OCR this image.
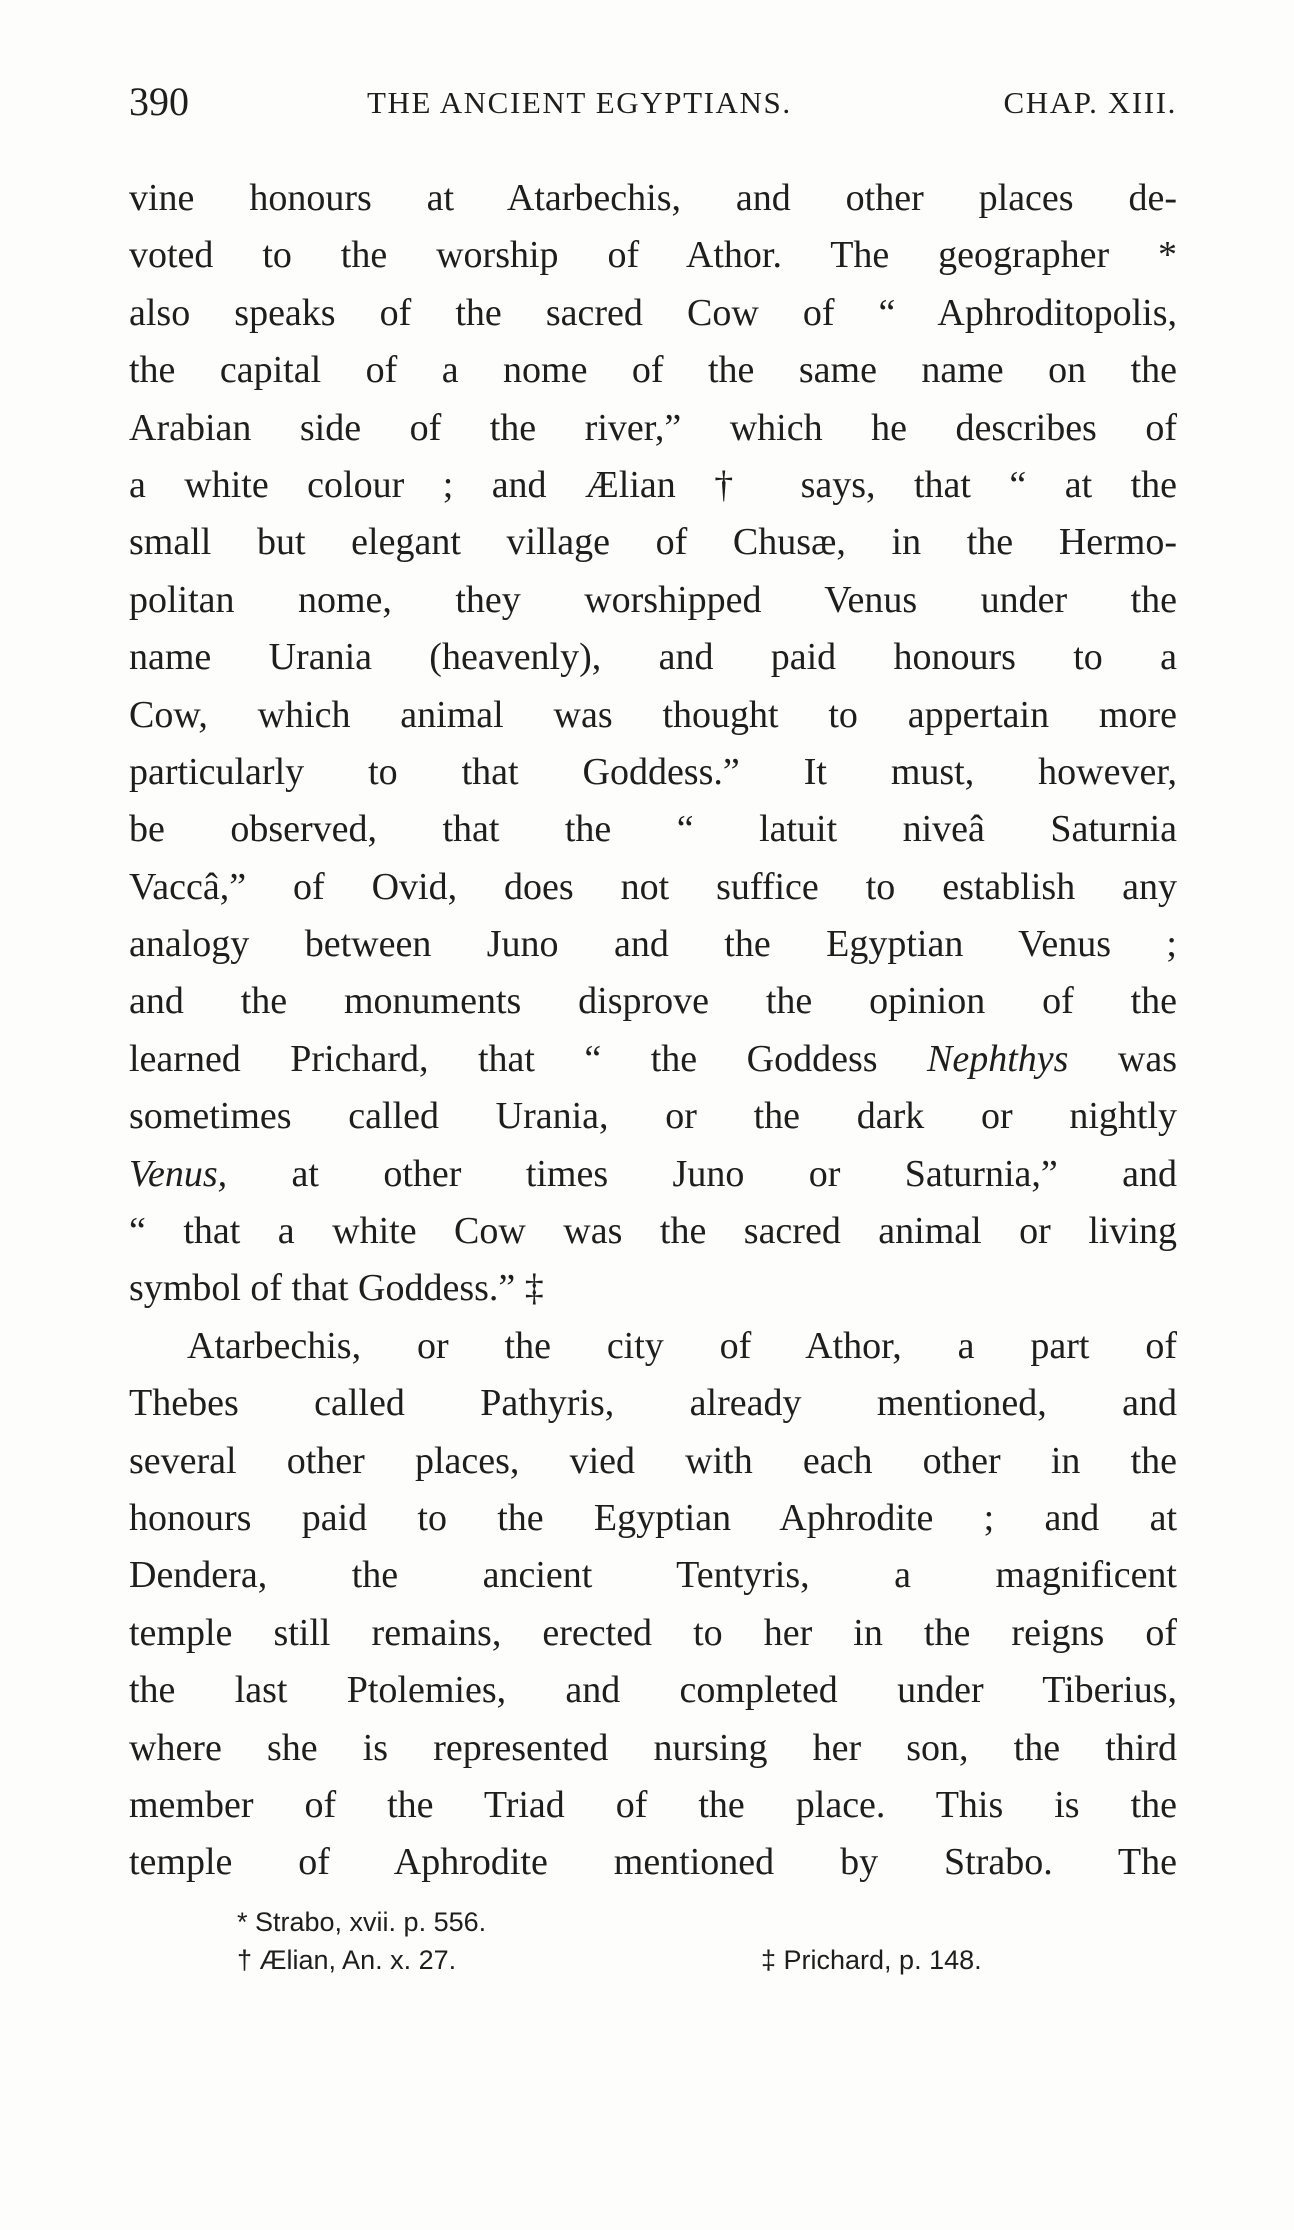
390	THE ANCIENT EGYPTIANS.	CHAP. XIII.
vine honours at Atarbechis, and other places de-
voted to the worship of Athor. The geographer *
also speaks of the sacred Cow of “ Aphroditopolis,
the capital of a nome of the same name on the
Arabian side of the river,” which he describes of
a white colour ; and Ælian † says, that “ at the
small but elegant village of Chusæ, in the Hermo-
politan nome, they worshipped Venus under the
name Urania (heavenly), and paid honours to a
Cow, which animal was thought to appertain more
particularly to that Goddess.” It must, however,
be observed, that the “ latuit niveâ Saturnia
Vaccâ,” of Ovid, does not suffice to establish any
analogy between Juno and the Egyptian Venus ;
and the monuments disprove the opinion of the
learned Prichard, that “ the Goddess Nephthys was
sometimes called Urania, or the dark or nightly
Venus, at other times Juno or Saturnia,” and
“ that a white Cow was the sacred animal or living
symbol of that Goddess.” ‡
Atarbechis, or the city of Athor, a part of
Thebes called Pathyris, already mentioned, and
several other places, vied with each other in the
honours paid to the Egyptian Aphrodite ; and at
Dendera, the ancient Tentyris, a magnificent
temple still remains, erected to her in the reigns of
the last Ptolemies, and completed under Tiberius,
where she is represented nursing her son, the third
member of the Triad of the place. This is the
temple of Aphrodite mentioned by Strabo. The
* Strabo, xvii. p. 556.
† Ælian, An. x. 27.	‡ Prichard, p. 148.
